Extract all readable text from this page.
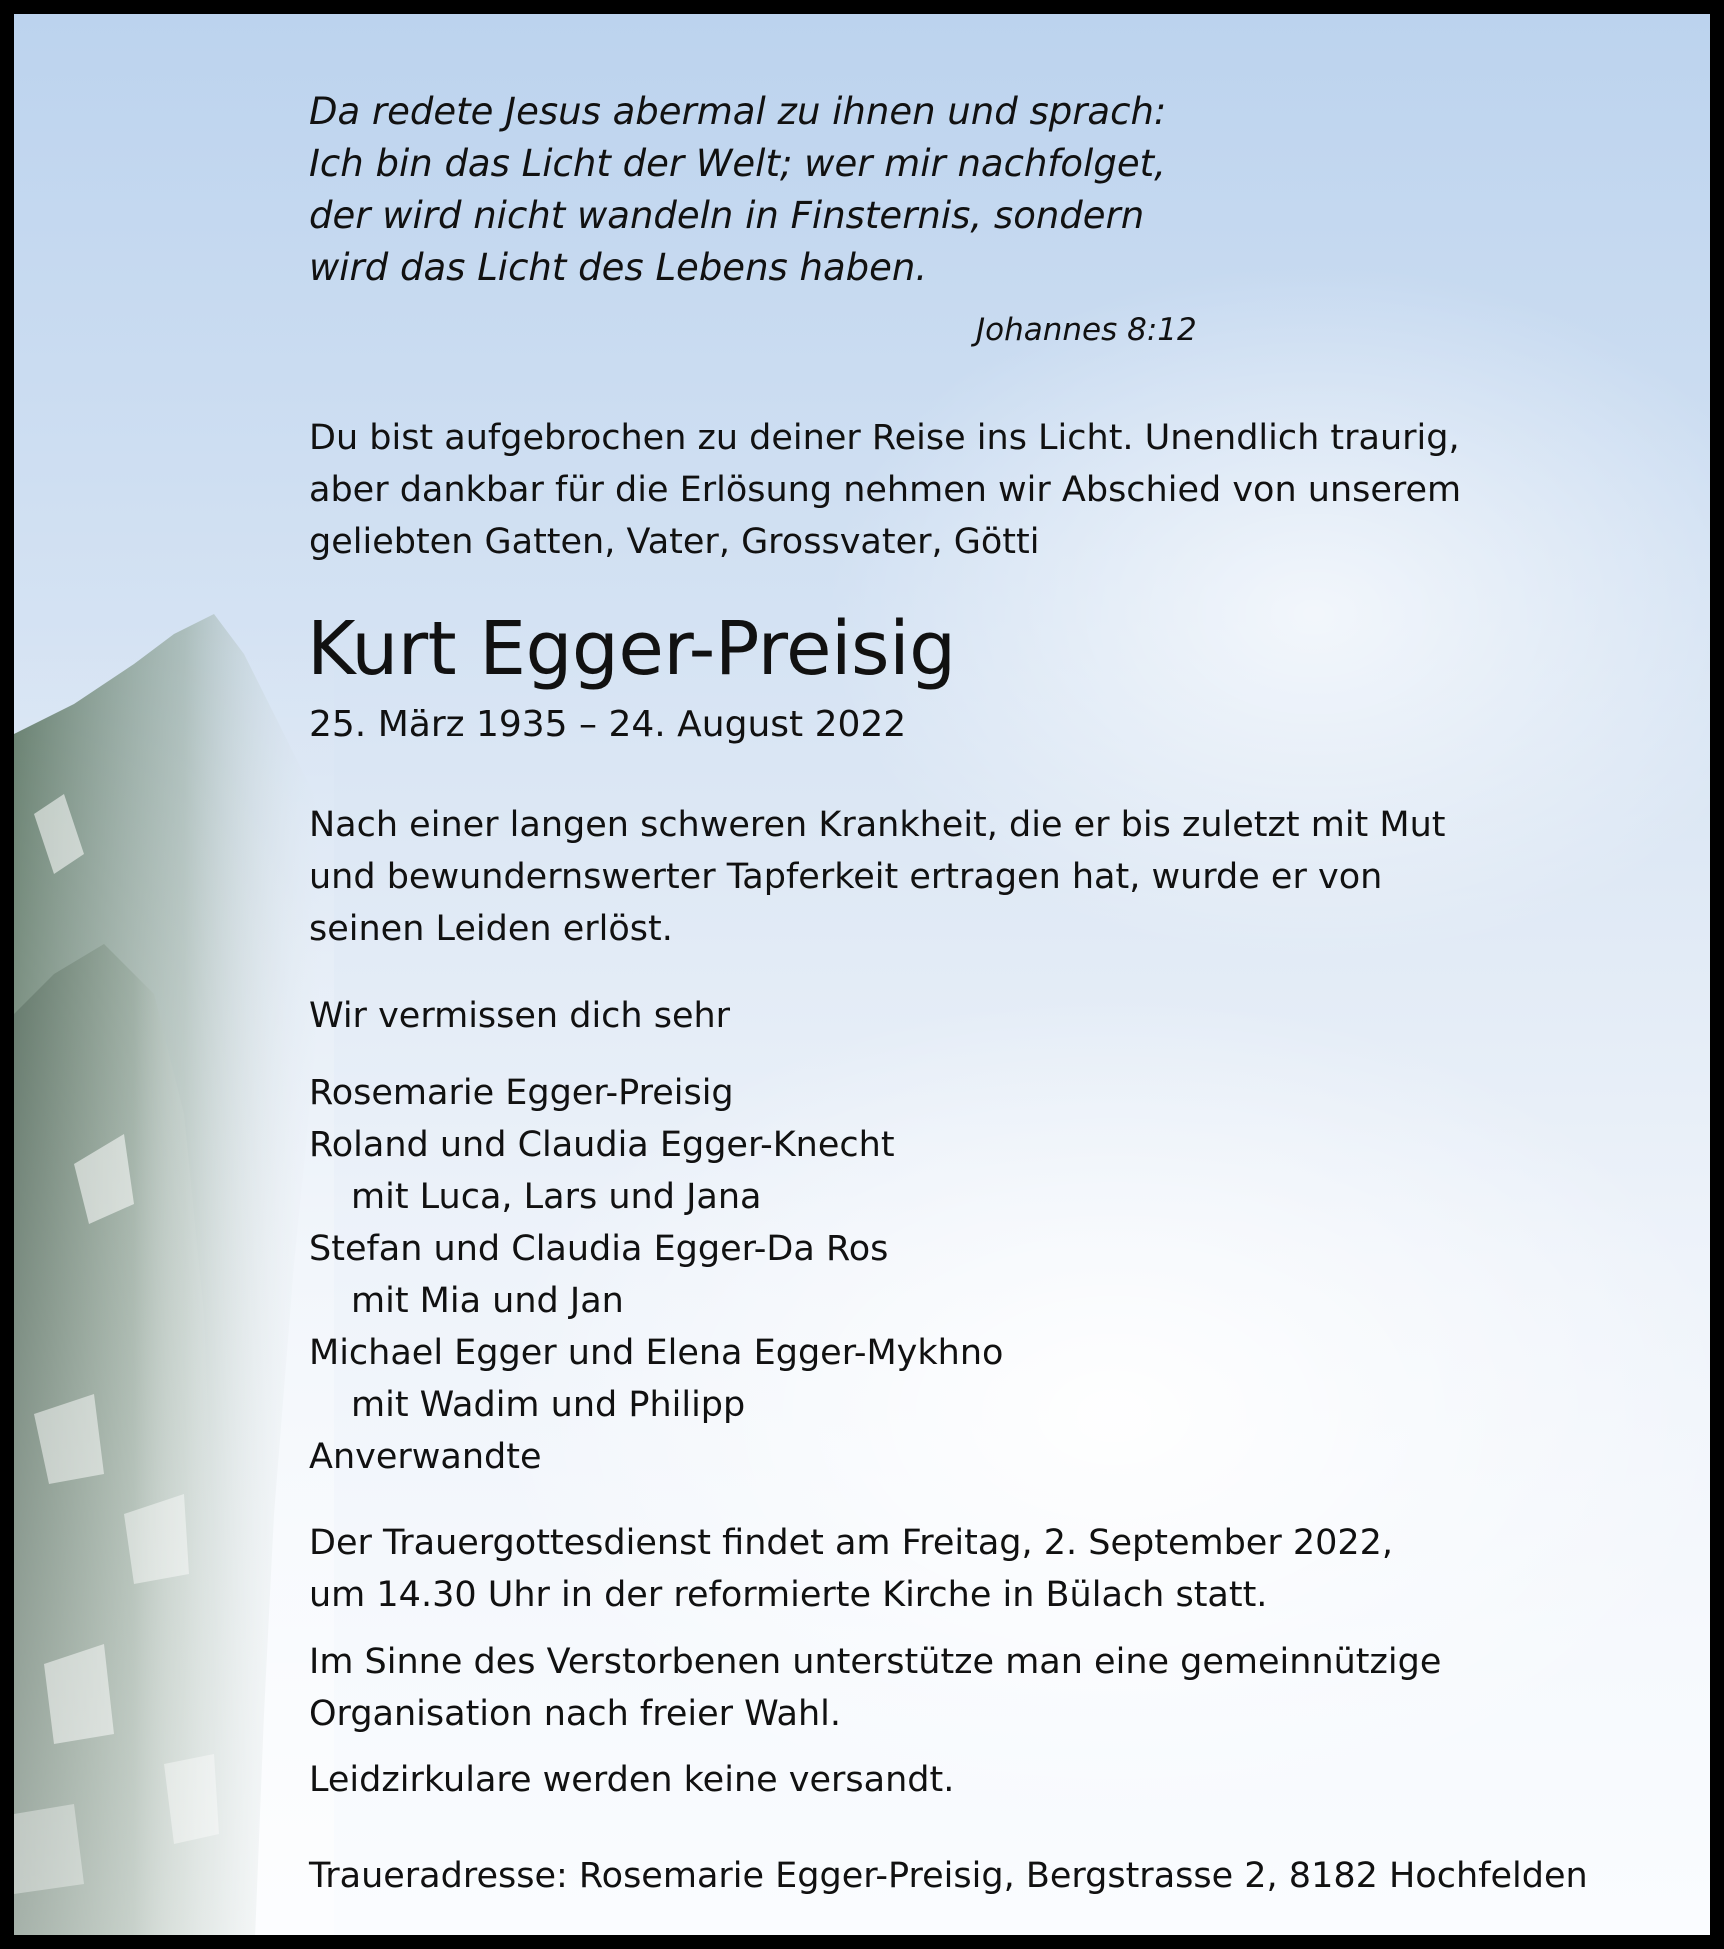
Da redete Jesus abermal zu ihnen und sprach:
Ich bin das Licht der Welt; wer mir nachfolget,
der wird nicht wandeln in Finsternis, sondern
wird das Licht des Lebens haben.
Johannes 8:12
Du bist aufgebrochen zu deiner Reise ins Licht. Unendlich traurig,
aber dankbar für die Erlösung nehmen wir Abschied von unserem
geliebten Gatten, Vater, Grossvater, Götti
Kurt Egger-Preisig
25. März 1935 – 24. August 2022
Nach einer langen schweren Krankheit, die er bis zuletzt mit Mut
und bewundernswerter Tapferkeit ertragen hat, wurde er von
seinen Leiden erlöst.
Wir vermissen dich sehr
Rosemarie Egger-Preisig
Roland und Claudia Egger-Knecht
mit Luca, Lars und Jana
Stefan und Claudia Egger-Da Ros
mit Mia und Jan
Michael Egger und Elena Egger-Mykhno
mit Wadim und Philipp
Anverwandte
Der Trauergottesdienst findet am Freitag, 2. September 2022,
um 14.30 Uhr in der reformierte Kirche in Bülach statt.
Im Sinne des Verstorbenen unterstütze man eine gemeinnützige
Organisation nach freier Wahl.
Leidzirkulare werden keine versandt.
Traueradresse: Rosemarie Egger-Preisig, Bergstrasse 2, 8182 Hochfelden
